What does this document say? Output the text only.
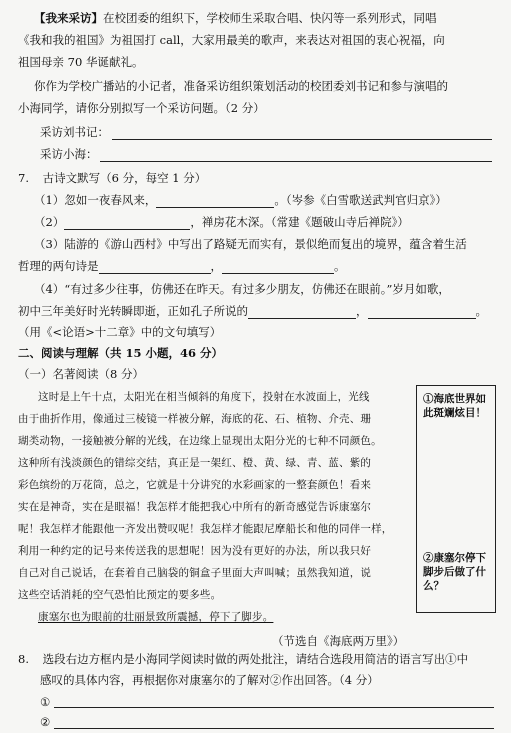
【我来采访】在校团委的组织下，学校师生采取合唱、快闪等一系列形式，同唱
《我和我的祖国》为祖国打 call，大家用最美的歌声，来表达对祖国的衷心祝福，向
祖国母亲 70 华诞献礼。
你作为学校广播站的小记者，准备采访组织策划活动的校团委刘书记和参与演唱的
小海同学，请你分别拟写一个采访问题。（2 分）
采访刘书记：
采访小海：
7. 古诗文默写（6 分，每空 1 分）
（1）忽如一夜春风来，	。（岑参《白雪歌送武判官归京》）
（2）	，禅房花木深。（常建《题破山寺后禅院》）
（3）陆游的《游山西村》中写出了路疑无而实有，景似绝而复出的境界，蕴含着生活
哲理的两句诗是	，	。
（4）“有过多少往事，仿佛还在昨天。有过多少朋友，仿佛还在眼前。”岁月如歌，
初中三年美好时光转瞬即逝，正如孔子所说的	，	。
（用《<论语>十二章》中的文句填写）
二、阅读与理解（共 15 小题，46 分）
（一）名著阅读（8 分）
这时是上午十点，太阳光在相当倾斜的角度下，投射在水波面上，光线
由于曲折作用，像通过三棱镜一样被分解，海底的花、石、植物、介壳、珊
瑚类动物，一接触被分解的光线，在边缘上显现出太阳分光的七种不同颜色。
这种所有浅淡颜色的错综交结，真正是一架红、橙、黄、绿、青、蓝、紫的
彩色缤纷的万花筒，总之，它就是十分讲究的水彩画家的一整套颜色！看来
实在是神奇，实在是眼福！我怎样才能把我心中所有的新奇感觉告诉康塞尔
呢！我怎样才能跟他一齐发出赞叹呢！我怎样才能跟尼摩船长和他的同伴一样，
利用一种约定的记号来传送我的思想呢！因为没有更好的办法，所以我只好
自己对自己说话，在套着自己脑袋的铜盒子里面大声叫喊；虽然我知道，说
这些空话消耗的空气恐怕比预定的要多些。
康塞尔也为眼前的壮丽景致所震撼，停下了脚步。
（节选自《海底两万里》）
①海底世界如此斑斓炫目！
②康塞尔停下脚步后做了什么？
8. 选段右边方框内是小海同学阅读时做的两处批注，请结合选段用简洁的语言写出①中
感叹的具体内容，再根据你对康塞尔的了解对②作出回答。（4 分）
①
②
